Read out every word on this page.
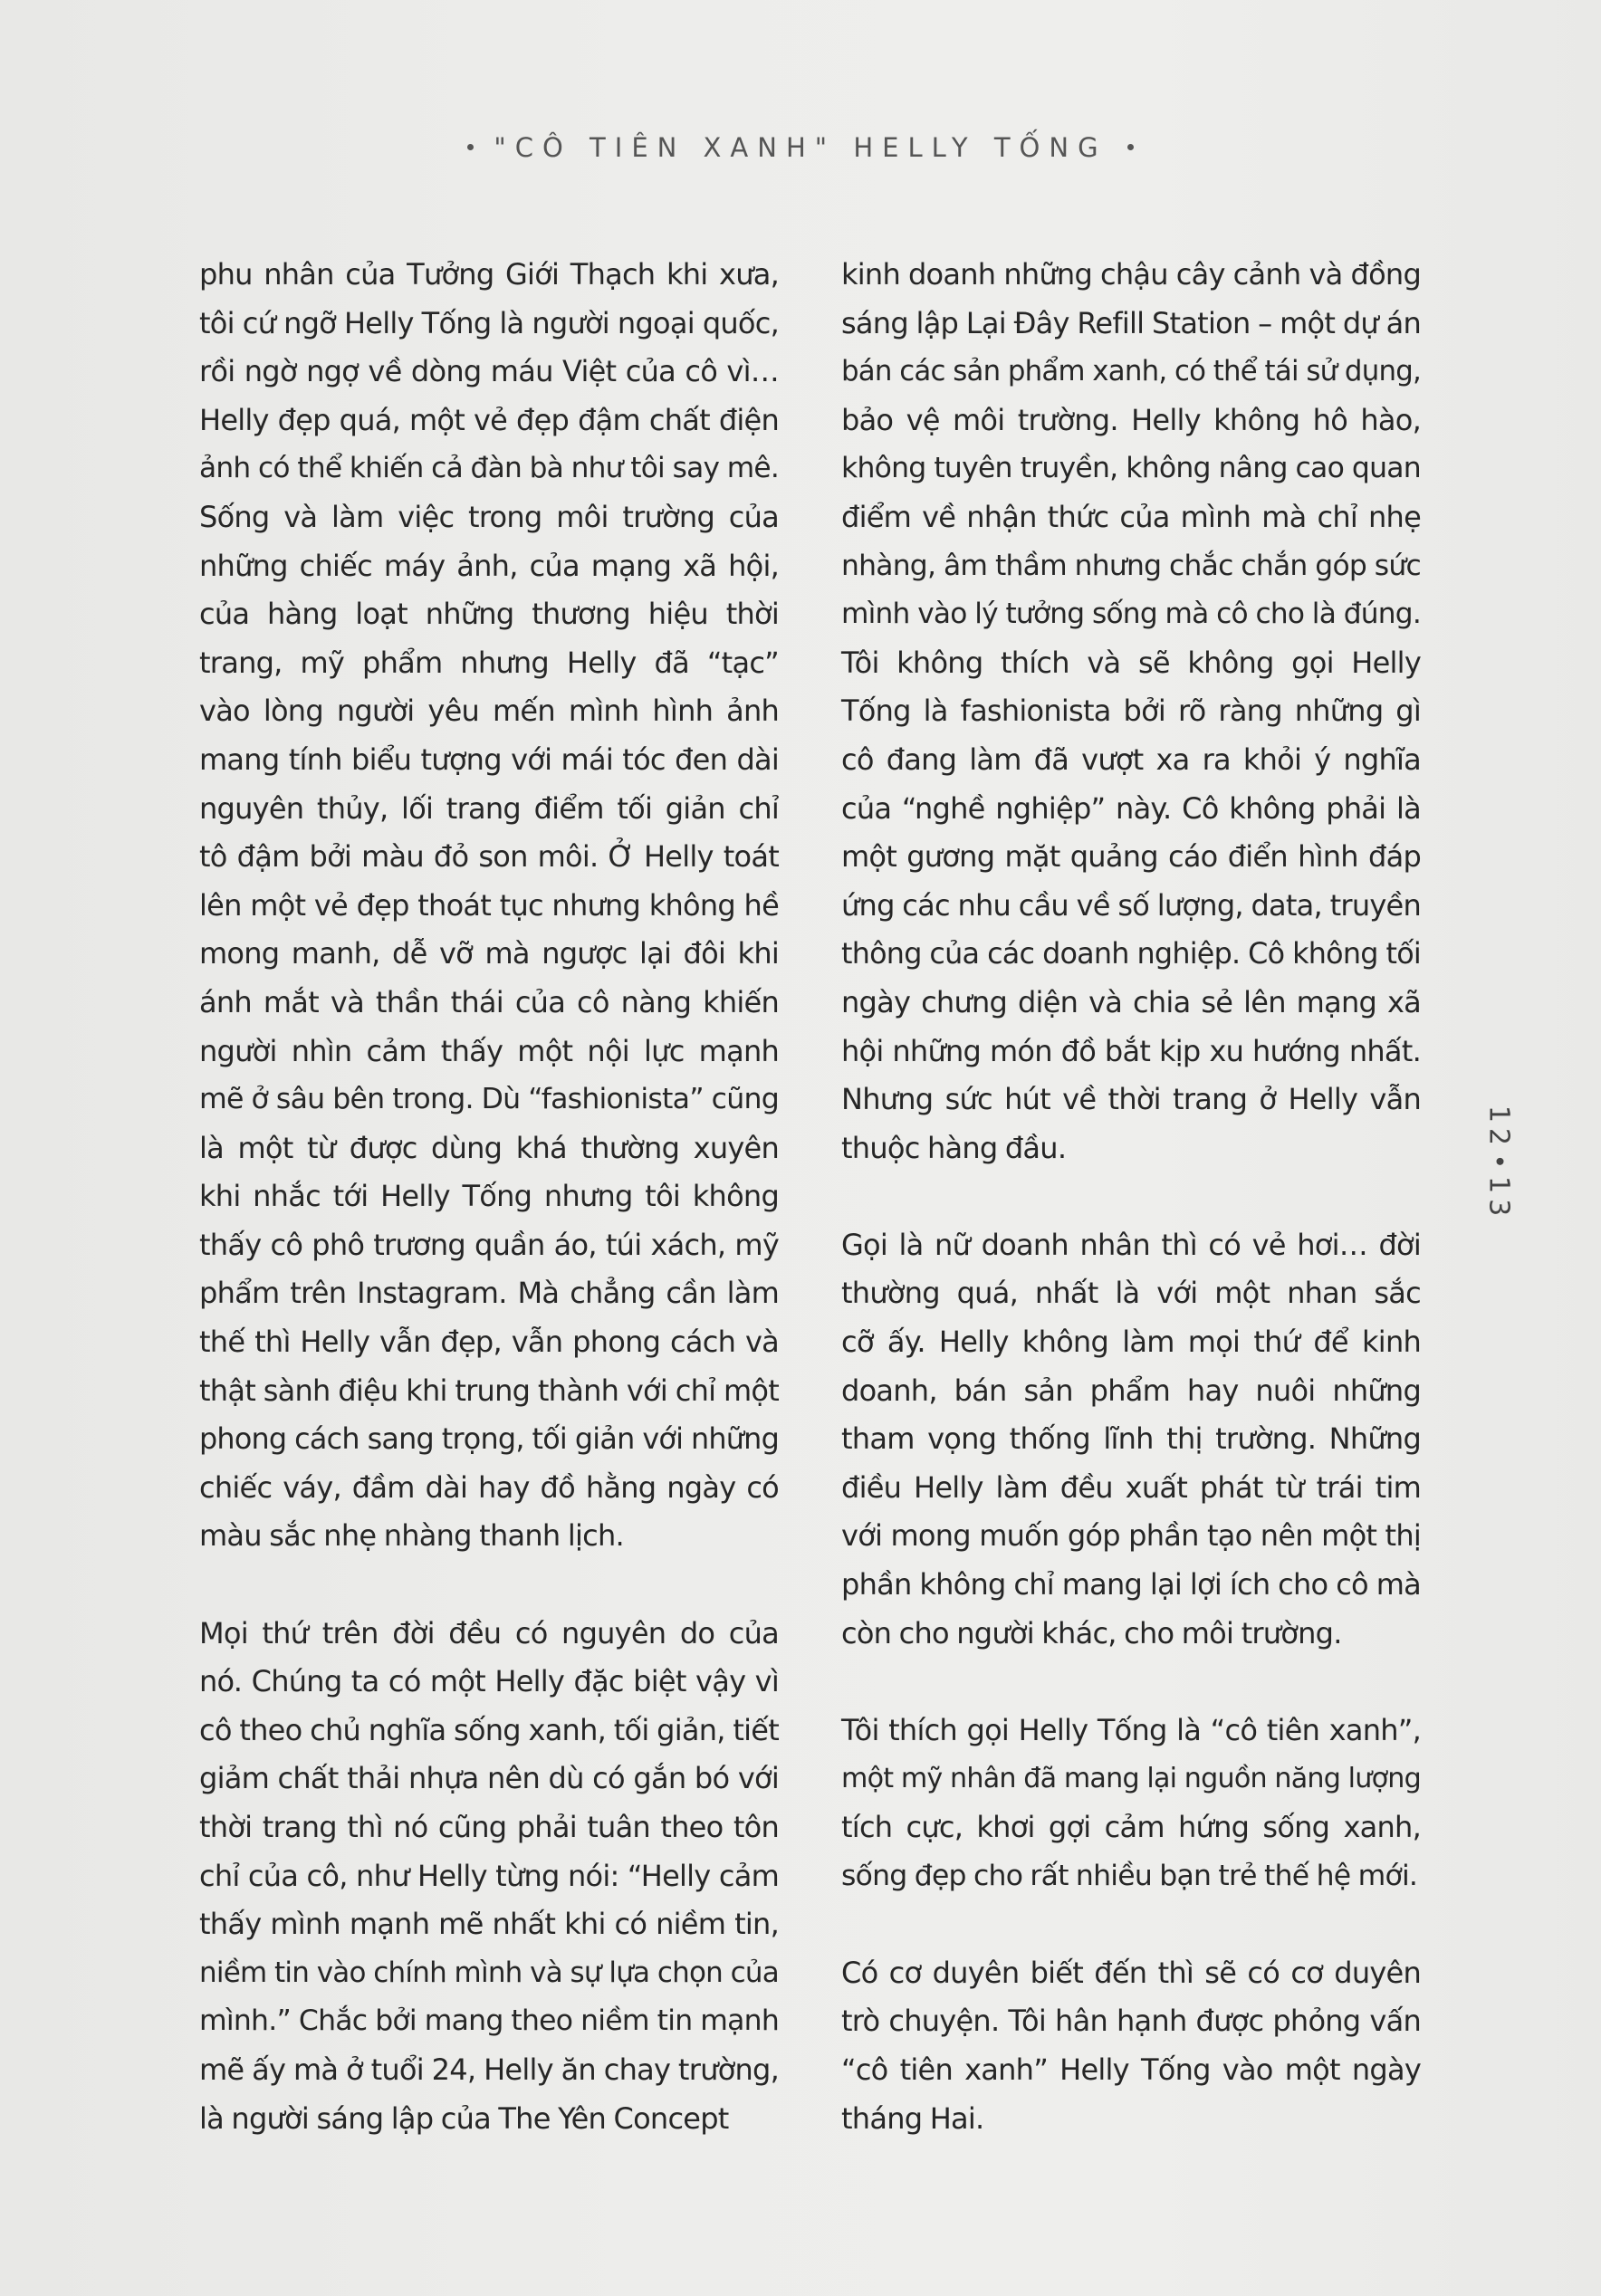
"CÔ TIÊN XANH" HELLY TỐNG

phu nhân của Tưởng Giới Thạch khi xưa,
tôi cứ ngỡ Helly Tống là người ngoại quốc,
rồi ngờ ngợ về dòng máu Việt của cô vì…
Helly đẹp quá, một vẻ đẹp đậm chất điện
ảnh có thể khiến cả đàn bà như tôi say mê.
Sống và làm việc trong môi trường của
những chiếc máy ảnh, của mạng xã hội,
của hàng loạt những thương hiệu thời
trang, mỹ phẩm nhưng Helly đã “tạc”
vào lòng người yêu mến mình hình ảnh
mang tính biểu tượng với mái tóc đen dài
nguyên thủy, lối trang điểm tối giản chỉ
tô đậm bởi màu đỏ son môi. Ở Helly toát
lên một vẻ đẹp thoát tục nhưng không hề
mong manh, dễ vỡ mà ngược lại đôi khi
ánh mắt và thần thái của cô nàng khiến
người nhìn cảm thấy một nội lực mạnh
mẽ ở sâu bên trong. Dù “fashionista” cũng
là một từ được dùng khá thường xuyên
khi nhắc tới Helly Tống nhưng tôi không
thấy cô phô trương quần áo, túi xách, mỹ
phẩm trên Instagram. Mà chẳng cần làm
thế thì Helly vẫn đẹp, vẫn phong cách và
thật sành điệu khi trung thành với chỉ một
phong cách sang trọng, tối giản với những
chiếc váy, đầm dài hay đồ hằng ngày có
màu sắc nhẹ nhàng thanh lịch.

Mọi thứ trên đời đều có nguyên do của
nó. Chúng ta có một Helly đặc biệt vậy vì
cô theo chủ nghĩa sống xanh, tối giản, tiết
giảm chất thải nhựa nên dù có gắn bó với
thời trang thì nó cũng phải tuân theo tôn
chỉ của cô, như Helly từng nói: “Helly cảm
thấy mình mạnh mẽ nhất khi có niềm tin,
niềm tin vào chính mình và sự lựa chọn của
mình.” Chắc bởi mang theo niềm tin mạnh
mẽ ấy mà ở tuổi 24, Helly ăn chay trường,
là người sáng lập của The Yên Concept

kinh doanh những chậu cây cảnh và đồng
sáng lập Lại Đây Refill Station – một dự án
bán các sản phẩm xanh, có thể tái sử dụng,
bảo vệ môi trường. Helly không hô hào,
không tuyên truyền, không nâng cao quan
điểm về nhận thức của mình mà chỉ nhẹ
nhàng, âm thầm nhưng chắc chắn góp sức
mình vào lý tưởng sống mà cô cho là đúng.
Tôi không thích và sẽ không gọi Helly
Tống là fashionista bởi rõ ràng những gì
cô đang làm đã vượt xa ra khỏi ý nghĩa
của “nghề nghiệp” này. Cô không phải là
một gương mặt quảng cáo điển hình đáp
ứng các nhu cầu về số lượng, data, truyền
thông của các doanh nghiệp. Cô không tối
ngày chưng diện và chia sẻ lên mạng xã
hội những món đồ bắt kịp xu hướng nhất.
Nhưng sức hút về thời trang ở Helly vẫn
thuộc hàng đầu.

Gọi là nữ doanh nhân thì có vẻ hơi… đời
thường quá, nhất là với một nhan sắc
cỡ ấy. Helly không làm mọi thứ để kinh
doanh, bán sản phẩm hay nuôi những
tham vọng thống lĩnh thị trường. Những
điều Helly làm đều xuất phát từ trái tim
với mong muốn góp phần tạo nên một thị
phần không chỉ mang lại lợi ích cho cô mà
còn cho người khác, cho môi trường.

Tôi thích gọi Helly Tống là “cô tiên xanh”,
một mỹ nhân đã mang lại nguồn năng lượng
tích cực, khơi gợi cảm hứng sống xanh,
sống đẹp cho rất nhiều bạn trẻ thế hệ mới.

Có cơ duyên biết đến thì sẽ có cơ duyên
trò chuyện. Tôi hân hạnh được phỏng vấn
“cô tiên xanh” Helly Tống vào một ngày
tháng Hai.

1213
